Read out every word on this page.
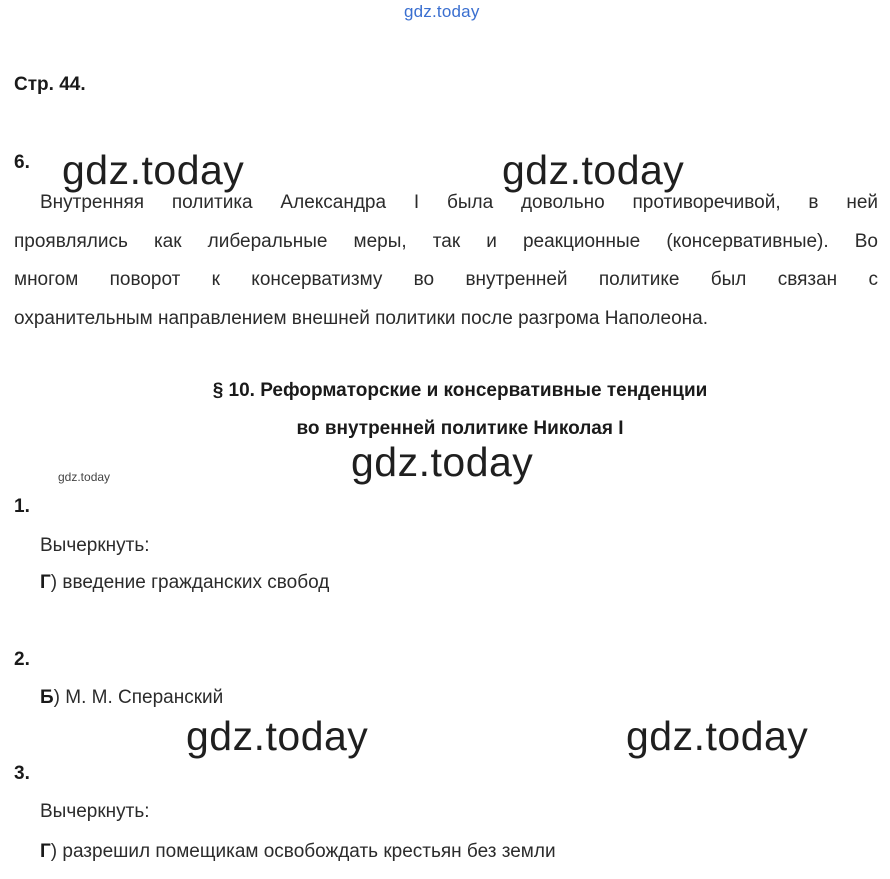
gdz.today
Стр. 44.
6. gdz.today	gdz.today
Внутренняя политика Александра I была довольно противоречивой, в ней
проявлялись как либеральные меры, так и реакционные (консервативные). Во
многом поворот к консерватизму во внутренней политике был связан с
охранительным направлением внешней политики после разгрома Наполеона.
§ 10. Реформаторские и консервативные тенденции
во внутренней политике Николая I
gdz.today
gdz.today
1.
Вычеркнуть:
Г) введение гражданских свобод
2.
Б) М. М. Сперанский
gdz.today	gdz.today
3.
Вычеркнуть:
Г) разрешил помещикам освобождать крестьян без земли
